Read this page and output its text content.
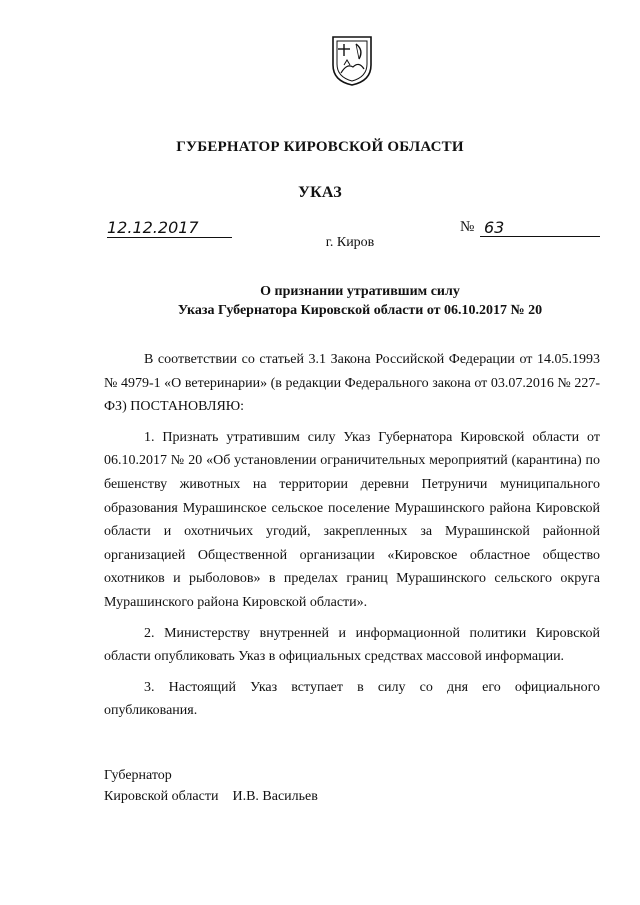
ГУБЕРНАТОР КИРОВСКОЙ ОБЛАСТИ
УКАЗ
12.12.2017	№ 63
г. Киров
О признании утратившим силу
Указа Губернатора Кировской области от 06.10.2017 № 20

В соответствии со статьей 3.1 Закона Российской Федерации от 14.05.1993 № 4979-1 «О ветеринарии» (в редакции Федерального закона от 03.07.2016 № 227-ФЗ) ПОСТАНОВЛЯЮ:

1. Признать утратившим силу Указ Губернатора Кировской области от 06.10.2017 № 20 «Об установлении ограничительных мероприятий (карантина) по бешенству животных на территории деревни Петруничи муниципального образования Мурашинское сельское поселение Мурашинского района Кировской области и охотничьих угодий, закрепленных за Мурашинской районной организацией Общественной организации «Кировское областное общество охотников и рыболовов» в пределах границ Мурашинского сельского округа Мурашинского района Кировской области».

2. Министерству внутренней и информационной политики Кировской области опубликовать Указ в официальных средствах массовой информации.

3. Настоящий Указ вступает в силу со дня его официального опубликования.

Губернатор
Кировской области И.В. Васильев
